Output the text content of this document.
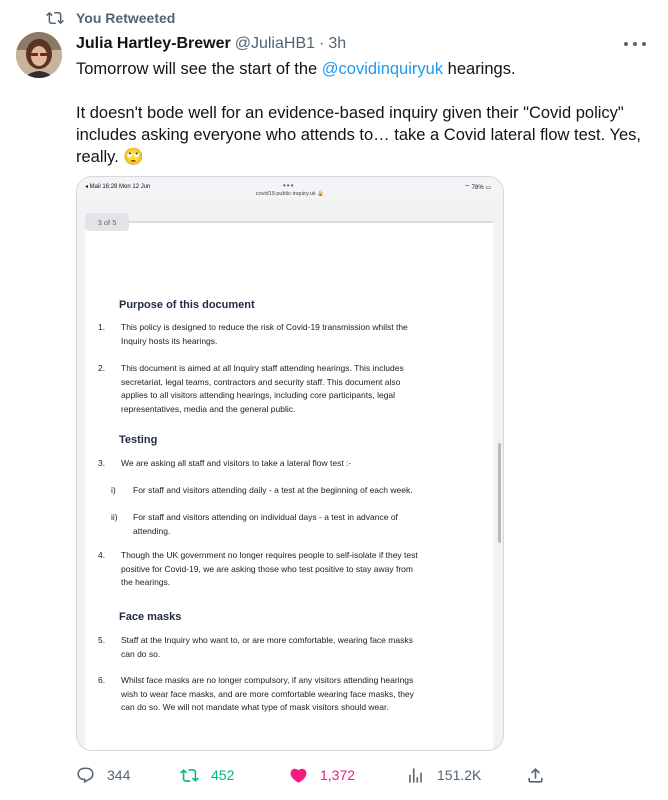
You Retweeted
Julia Hartley-Brewer @JuliaHB1 · 3h

Tomorrow will see the start of the @covidinquiryuk hearings.

It doesn't bode well for an evidence-based inquiry given their "Covid policy" includes asking everyone who attends to… take a Covid lateral flow test. Yes, really. 🙄

◂ Mail 16:28 Mon 12 Jun	•••	⌔ 78% ▭
covid19.public-inquiry.uk 🔒
Purpose of this document
1. This policy is designed to reduce the risk of Covid-19 transmission whilst the Inquiry hosts its hearings.
2. This document is aimed at all Inquiry staff attending hearings. This includes secretariat, legal teams, contractors and security staff. This document also applies to all visitors attending hearings, including core participants, legal representatives, media and the general public.
Testing
3. We are asking all staff and visitors to take a lateral flow test :-
i) For staff and visitors attending daily - a test at the beginning of each week.
ii) For staff and visitors attending on individual days - a test in advance of attending.
4. Though the UK government no longer requires people to self-isolate if they test positive for Covid-19, we are asking those who test positive to stay away from the hearings.
Face masks
5. Staff at the Inquiry who want to, or are more comfortable, wearing face masks can do so.
6. Whilst face masks are no longer compulsory, if any visitors attending hearings wish to wear face masks, and are more comfortable wearing face masks, they can do so. We will not mandate what type of mask visitors should wear.
3 of 5
344	452	1,372	151.2K
